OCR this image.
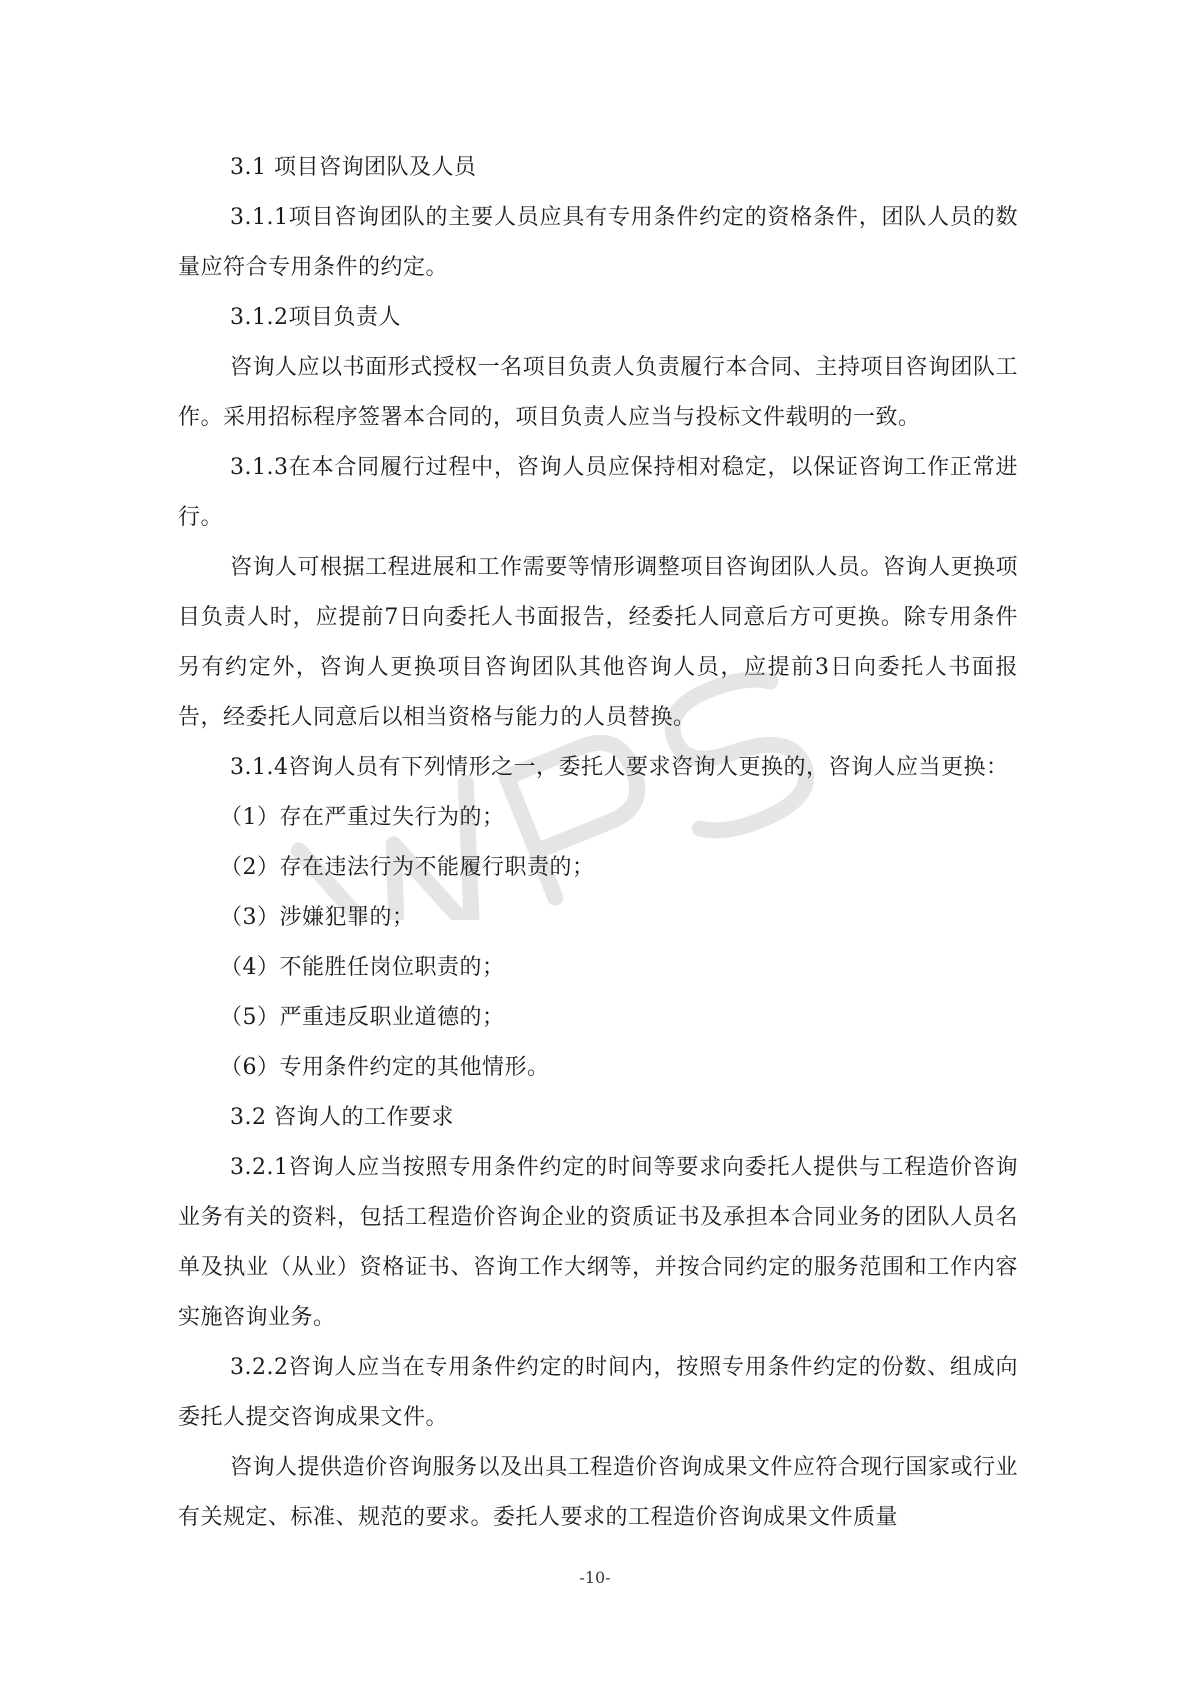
3.1 项目咨询团队及人员

3.1.1项目咨询团队的主要人员应具有专用条件约定的资格条件，团队人员的数量应符合专用条件的约定。

3.1.2项目负责人

咨询人应以书面形式授权一名项目负责人负责履行本合同、主持项目咨询团队工作。采用招标程序签署本合同的，项目负责人应当与投标文件载明的一致。

3.1.3在本合同履行过程中，咨询人员应保持相对稳定，以保证咨询工作正常进行。

咨询人可根据工程进展和工作需要等情形调整项目咨询团队人员。咨询人更换项目负责人时，应提前7日向委托人书面报告，经委托人同意后方可更换。除专用条件另有约定外，咨询人更换项目咨询团队其他咨询人员，应提前3日向委托人书面报告，经委托人同意后以相当资格与能力的人员替换。

3.1.4咨询人员有下列情形之一，委托人要求咨询人更换的，咨询人应当更换：

（1）存在严重过失行为的；

（2）存在违法行为不能履行职责的；

（3）涉嫌犯罪的；

（4）不能胜任岗位职责的；

（5）严重违反职业道德的；

（6）专用条件约定的其他情形。

3.2 咨询人的工作要求

3.2.1咨询人应当按照专用条件约定的时间等要求向委托人提供与工程造价咨询业务有关的资料，包括工程造价咨询企业的资质证书及承担本合同业务的团队人员名单及执业（从业）资格证书、咨询工作大纲等，并按合同约定的服务范围和工作内容实施咨询业务。

3.2.2咨询人应当在专用条件约定的时间内，按照专用条件约定的份数、组成向委托人提交咨询成果文件。

咨询人提供造价咨询服务以及出具工程造价咨询成果文件应符合现行国家或行业有关规定、标准、规范的要求。委托人要求的工程造价咨询成果文件质量

-10-
